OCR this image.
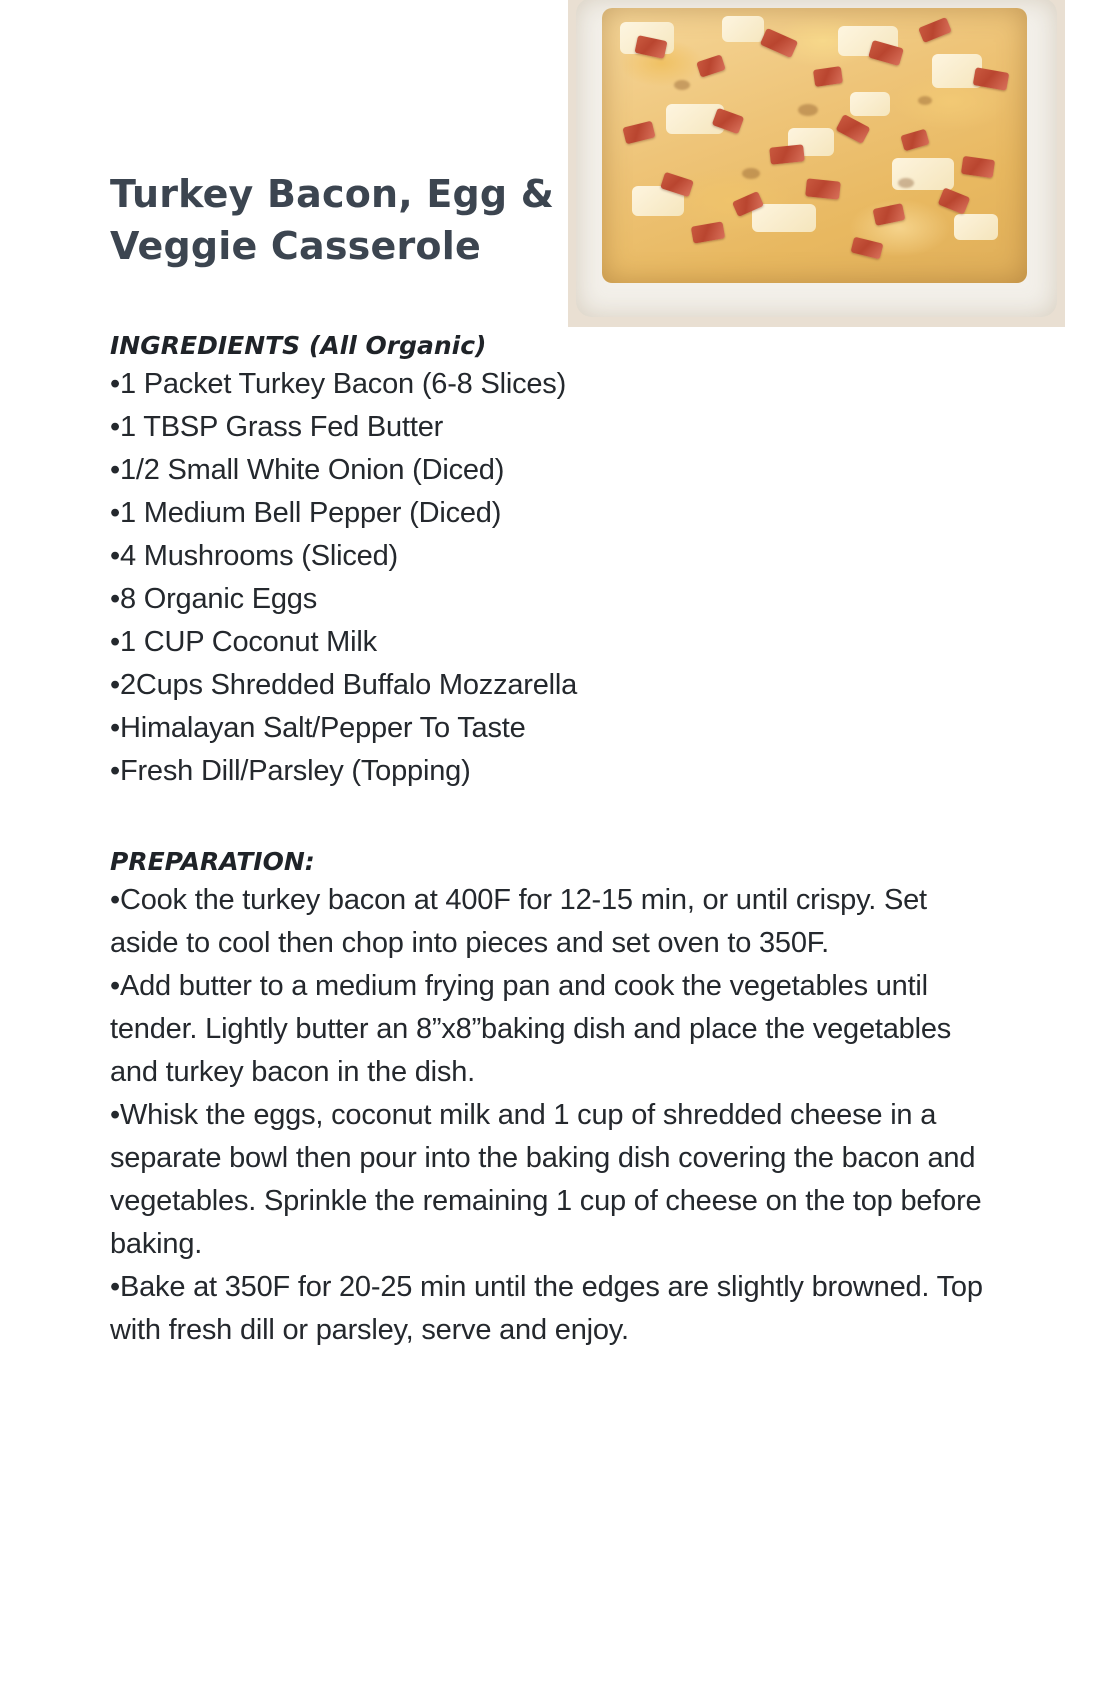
Turkey Bacon, Egg & Veggie Casserole
INGREDIENTS (All Organic)
•1 Packet Turkey Bacon (6-8 Slices)
•1 TBSP Grass Fed Butter
•1/2 Small White Onion (Diced)
•1 Medium Bell Pepper (Diced)
•4 Mushrooms (Sliced)
•8 Organic Eggs
•1 CUP Coconut Milk
•2Cups Shredded Buffalo Mozzarella
•Himalayan Salt/Pepper To Taste
•Fresh Dill/Parsley (Topping)
PREPARATION:
•Cook the turkey bacon at 400F for 12-15 min, or until crispy. Set aside to cool then chop into pieces and set oven to 350F.
•Add butter to a medium frying pan and cook the vegetables until tender. Lightly butter an 8”x8”baking dish and place the vegetables and turkey bacon in the dish.
•Whisk the eggs, coconut milk and 1 cup of shredded cheese in a separate bowl then pour into the baking dish covering the bacon and vegetables. Sprinkle the remaining 1 cup of cheese on the top before baking.
•Bake at 350F for 20-25 min until the edges are slightly browned. Top with fresh dill or parsley, serve and enjoy.
